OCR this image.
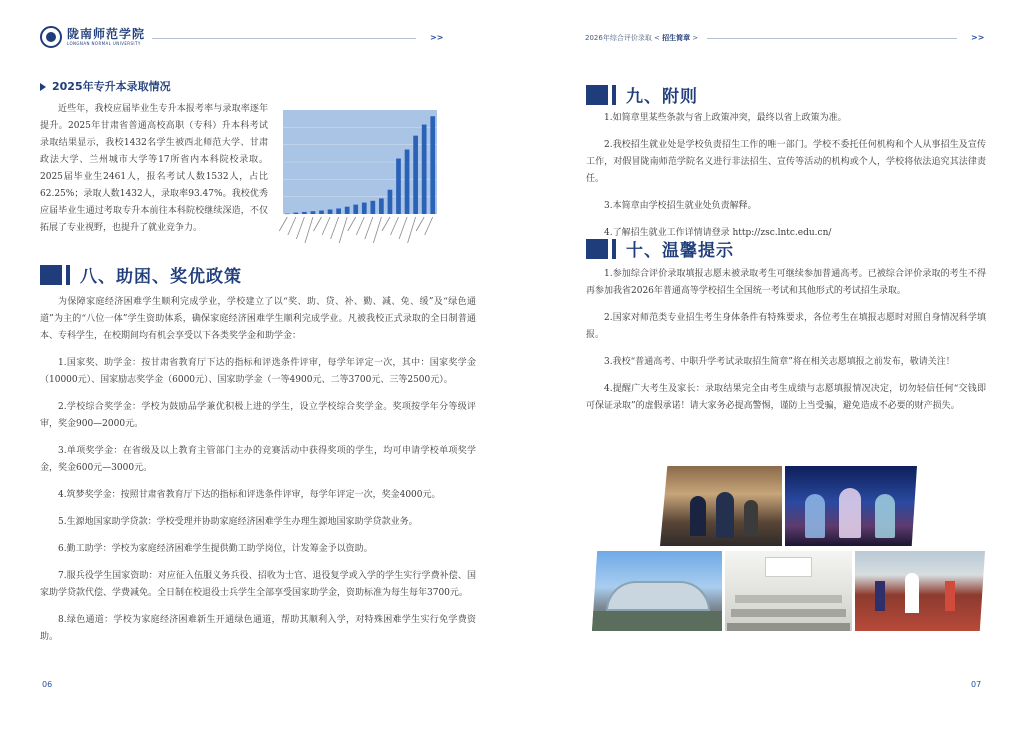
陇南师范学院
LONGNAN NORMAL UNIVERSITY
>>
2025年专升本录取情况
近些年，我校应届毕业生专升本报考率与录取率逐年提升。2025年甘肃省普通高校高职（专科）升本科考试录取结果显示，我校1432名学生被西北师范大学、甘肃政法大学、兰州城市大学等17所省内本科院校录取。2025届毕业生2461人，报名考试人数1532人，占比62.25%；录取人数1432人，录取率93.47%。我校优秀应届毕业生通过考取专升本前往本科院校继续深造，不仅拓展了专业视野，也提升了就业竞争力。
八、助困、奖优政策
为保障家庭经济困难学生顺利完成学业，学校建立了以“奖、助、贷、补、勤、减、免、缓”及“绿色通道”为主的“八位一体”学生资助体系，确保家庭经济困难学生顺利完成学业。凡被我校正式录取的全日制普通本、专科学生，在校期间均有机会享受以下各类奖学金和助学金：
1.国家奖、助学金：按甘肃省教育厅下达的指标和评选条件评审，每学年评定一次，其中：国家奖学金（10000元）、国家励志奖学金（6000元）、国家助学金（一等4900元、二等3700元、三等2500元）。
2.学校综合奖学金：学校为鼓励品学兼优积极上进的学生，设立学校综合奖学金。奖项按学年分等级评审，奖金900—2000元。
3.单项奖学金：在省级及以上教育主管部门主办的竞赛活动中获得奖项的学生，均可申请学校单项奖学金，奖金600元—3000元。
4.筑梦奖学金：按照甘肃省教育厅下达的指标和评选条件评审，每学年评定一次，奖金4000元。
5.生源地国家助学贷款：学校受理并协助家庭经济困难学生办理生源地国家助学贷款业务。
6.勤工助学：学校为家庭经济困难学生提供勤工助学岗位，计发筹金予以资助。
7.服兵役学生国家资助：对应征入伍服义务兵役、招收为士官、退役复学或入学的学生实行学费补偿、国家助学贷款代偿、学费减免。全日制在校退役士兵学生全部享受国家助学金，资助标准为每生每年3700元。
8.绿色通道：学校为家庭经济困难新生开通绿色通道，帮助其顺利入学，对特殊困难学生实行免学费资助。
06
2026年综合评价录取 < 招生简章 >	>>
九、附则
1.如简章里某些条款与省上政策冲突，最终以省上政策为准。
2.我校招生就业处是学校负责招生工作的唯一部门。学校不委托任何机构和个人从事招生及宣传工作，对假冒陇南师范学院名义进行非法招生、宣传等活动的机构或个人，学校将依法追究其法律责任。
3.本简章由学校招生就业处负责解释。
4.了解招生就业工作详情请登录 http://zsc.lntc.edu.cn/
十、温馨提示
1.参加综合评价录取填报志愿未被录取考生可继续参加普通高考。已被综合评价录取的考生不得再参加我省2026年普通高等学校招生全国统一考试和其他形式的考试招生录取。
2.国家对师范类专业招生考生身体条件有特殊要求，各位考生在填报志愿时对照自身情况科学填报。
3.我校“普通高考、中职升学考试录取招生简章”将在相关志愿填报之前发布，敬请关注！
4.提醒广大考生及家长：录取结果完全由考生成绩与志愿填报情况决定，切勿轻信任何“交钱即可保证录取”的虚假承诺！请大家务必提高警惕，谨防上当受骗，避免造成不必要的财产损失。
07
